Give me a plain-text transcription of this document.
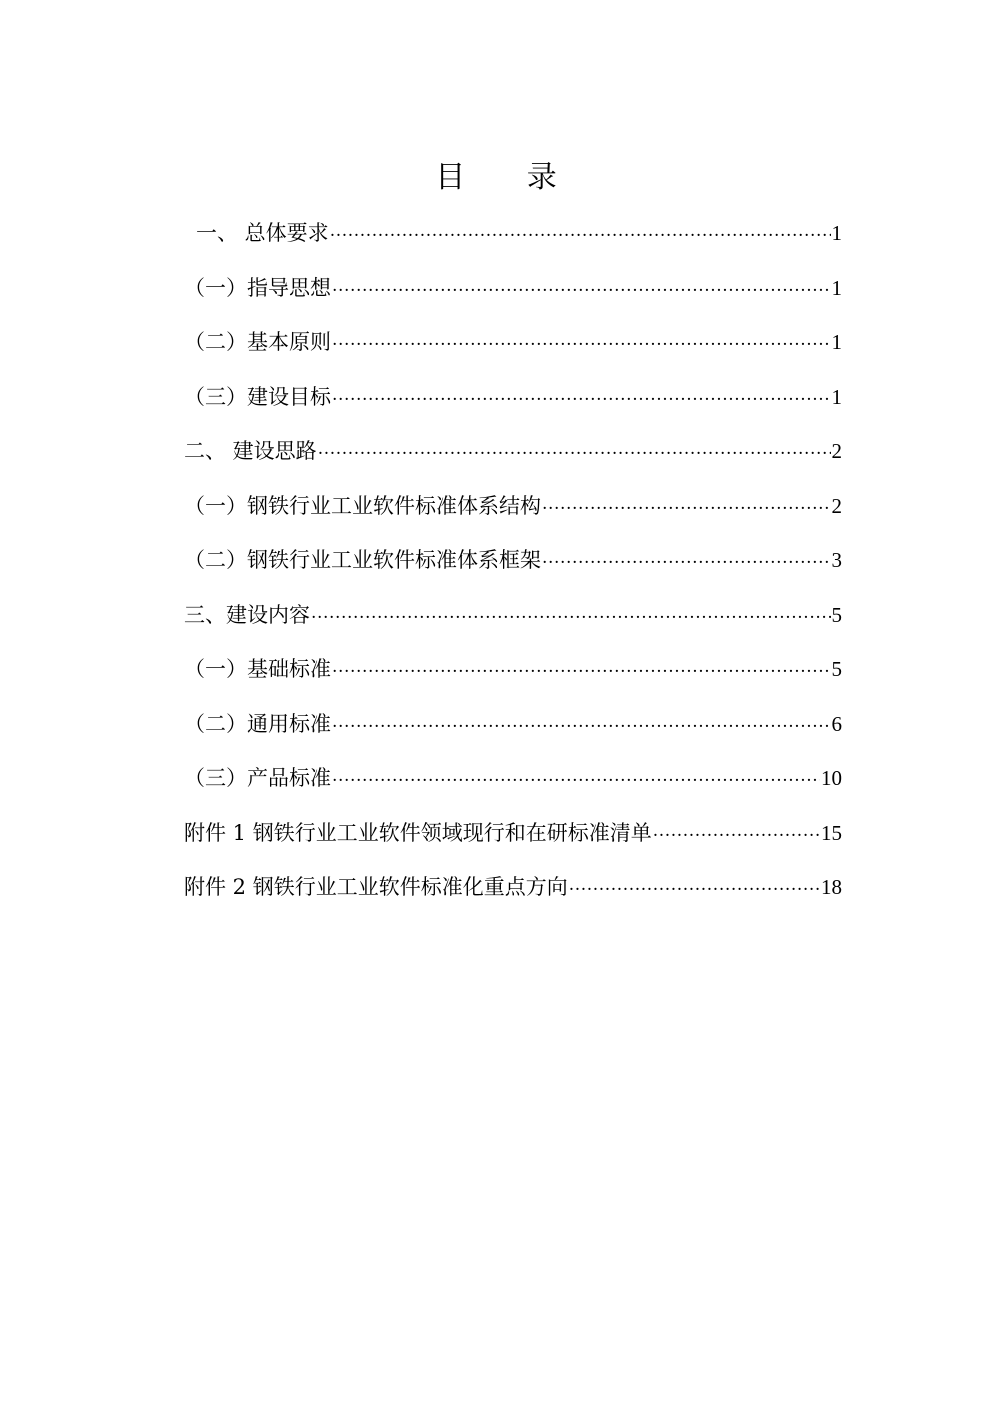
目 录
一、 总体要求 .....	1
（一）指导思想 .....	1
（二）基本原则 .....	1
（三）建设目标 .....	1
二、 建设思路 .....	2
（一）钢铁行业工业软件标准体系结构 .....	2
（二）钢铁行业工业软件标准体系框架 .....	3
三、建设内容 .....	5
（一）基础标准 .....	5
（二）通用标准 .....	6
（三）产品标准 .....	10
附件 1 钢铁行业工业软件领域现行和在研标准清单 .....	15
附件 2 钢铁行业工业软件标准化重点方向 .....	18
